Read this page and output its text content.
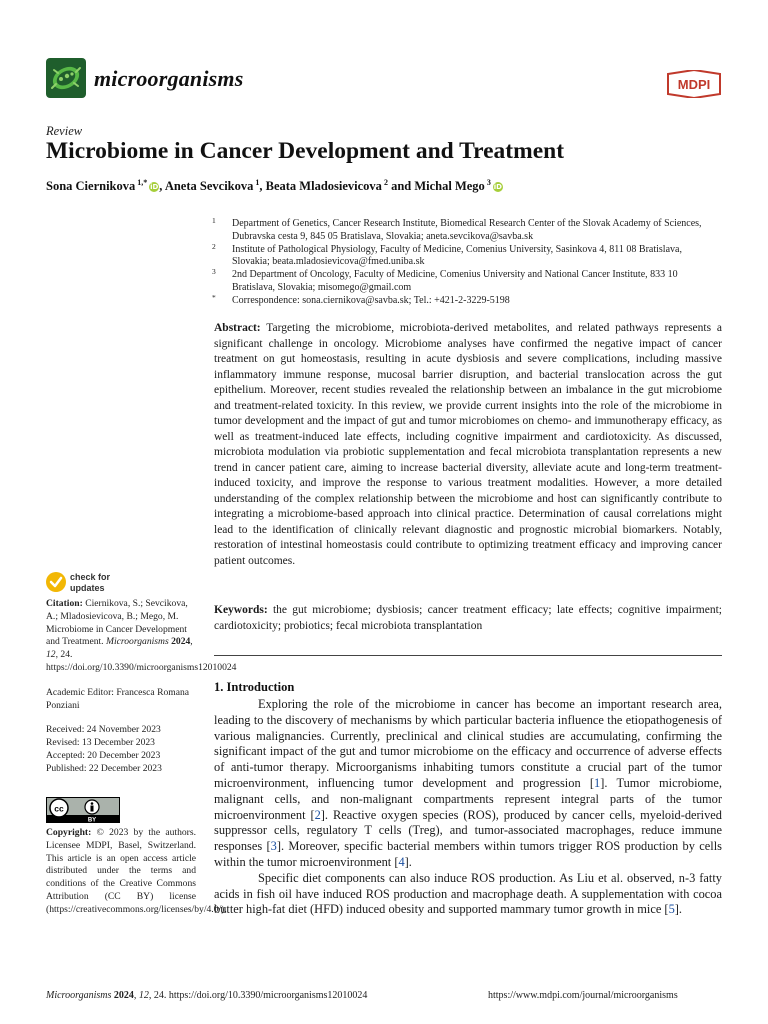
microorganisms	MDPI
Review
Microbiome in Cancer Development and Treatment
Sona Ciernikova $^{1,*}$iD, Aneta Sevcikova $^1$, Beata Mladosievicova $^2$ and Michal Mego $^3$iD
1 Department of Genetics, Cancer Research Institute, Biomedical Research Center of the Slovak Academy of Sciences, Dubravska cesta 9, 845 05 Bratislava, Slovakia; aneta.sevcikova@savba.sk
2 Institute of Pathological Physiology, Faculty of Medicine, Comenius University, Sasinkova 4, 811 08 Bratislava, Slovakia; beata.mladosievicova@fmed.uniba.sk
3 2nd Department of Oncology, Faculty of Medicine, Comenius University and National Cancer Institute, 833 10 Bratislava, Slovakia; misomego@gmail.com
* Correspondence: sona.ciernikova@savba.sk; Tel.: +421-2-3229-5198
Abstract: Targeting the microbiome, microbiota-derived metabolites, and related pathways represents a significant challenge in oncology. Microbiome analyses have confirmed the negative impact of cancer treatment on gut homeostasis, resulting in acute dysbiosis and severe complications, including massive inflammatory immune response, mucosal barrier disruption, and bacterial translocation across the gut epithelium. Moreover, recent studies revealed the relationship between an imbalance in the gut microbiome and treatment-related toxicity. In this review, we provide current insights into the role of the microbiome in tumor development and the impact of gut and tumor microbiomes on chemo- and immunotherapy efficacy, as well as treatment-induced late effects, including cognitive impairment and cardiotoxicity. As discussed, microbiota modulation via probiotic supplementation and fecal microbiota transplantation represents a new trend in cancer patient care, aiming to increase bacterial diversity, alleviate acute and long-term treatment-induced toxicity, and improve the response to various treatment modalities. However, a more detailed understanding of the complex relationship between the microbiome and host can significantly contribute to integrating a microbiome-based approach into clinical practice. Determination of causal correlations might lead to the identification of clinically relevant diagnostic and prognostic microbial biomarkers. Notably, restoration of intestinal homeostasis could contribute to optimizing treatment efficacy and improving cancer patient outcomes.
Keywords: the gut microbiome; dysbiosis; cancer treatment efficacy; late effects; cognitive impairment; cardiotoxicity; probiotics; fecal microbiota transplantation
1. Introduction

Exploring the role of the microbiome in cancer has become an important research area, leading to the discovery of mechanisms by which particular bacteria influence the etiopathogenesis of various malignancies. Currently, preclinical and clinical studies are accumulating, confirming the significant impact of the gut and tumor microbiome on the efficacy and occurrence of adverse effects of anti-tumor therapy. Microorganisms inhabiting tumors constitute a crucial part of the tumor microenvironment, influencing tumor development and progression [1]. Tumor microbiome, malignant cells, and non-malignant compartments represent integral parts of the tumor microenvironment [2]. Reactive oxygen species (ROS), produced by cancer cells, myeloid-derived suppressor cells, regulatory T cells (Treg), and tumor-associated macrophages, reduce immune responses [3]. Moreover, specific bacterial members within tumors trigger ROS production by cells within the tumor microenvironment [4].

Specific diet components can also induce ROS production. As Liu et al. observed, n-3 fatty acids in fish oil have induced ROS production and macrophage death. A supplementation with cocoa butter high-fat diet (HFD) induced obesity and supported mammary tumor growth in mice [5].

check for
updates

Citation: Ciernikova, S.; Sevcikova, A.; Mladosievicova, B.; Mego, M. Microbiome in Cancer Development and Treatment. Microorganisms 2024, 12, 24. https://doi.org/10.3390/microorganisms12010024

Academic Editor: Francesca Romana Ponziani

Received: 24 November 2023

Revised: 13 December 2023

Accepted: 20 December 2023

Published: 22 December 2023

cc
BY
Copyright: © 2023 by the authors. Licensee MDPI, Basel, Switzerland. This article is an open access article distributed under the terms and conditions of the Creative Commons Attribution (CC BY) license (https://creativecommons.org/licenses/by/4.0/).
Microorganisms 2024, 12, 24. https://doi.org/10.3390/microorganisms12010024	https://www.mdpi.com/journal/microorganisms
